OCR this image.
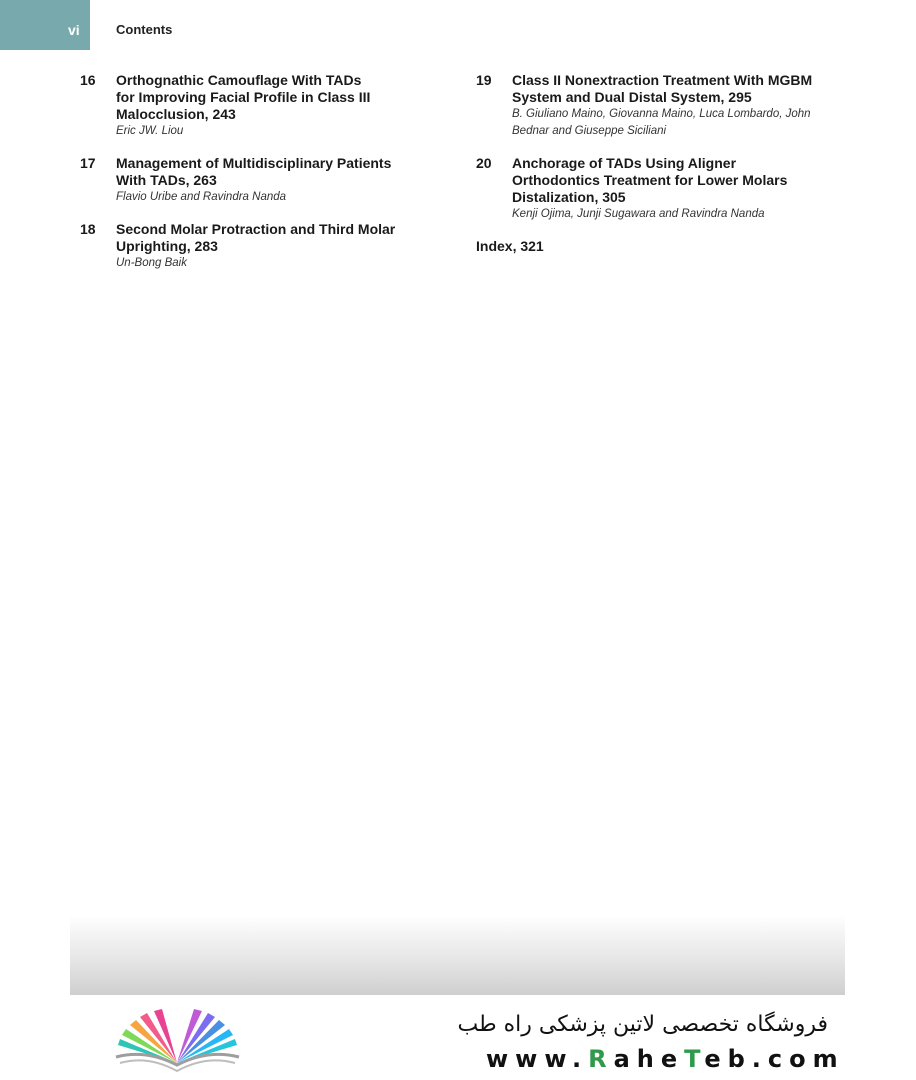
vi	Contents
16 Orthognathic Camouflage With TADs
for Improving Facial Profile in Class III
Malocclusion, 243
Eric JW. Liou
17 Management of Multidisciplinary Patients
With TADs, 263
Flavio Uribe and Ravindra Nanda
18 Second Molar Protraction and Third Molar
Uprighting, 283
Un-Bong Baik
19 Class II Nonextraction Treatment With MGBM
System and Dual Distal System, 295
B. Giuliano Maino, Giovanna Maino, Luca Lombardo, John
Bednar and Giuseppe Siciliani
20 Anchorage of TADs Using Aligner
Orthodontics Treatment for Lower Molars
Distalization, 305
Kenji Ojima, Junji Sugawara and Ravindra Nanda
Index, 321
فروشگاه تخصصی لاتین پزشکی راه طب
www.RaheTeb.com
